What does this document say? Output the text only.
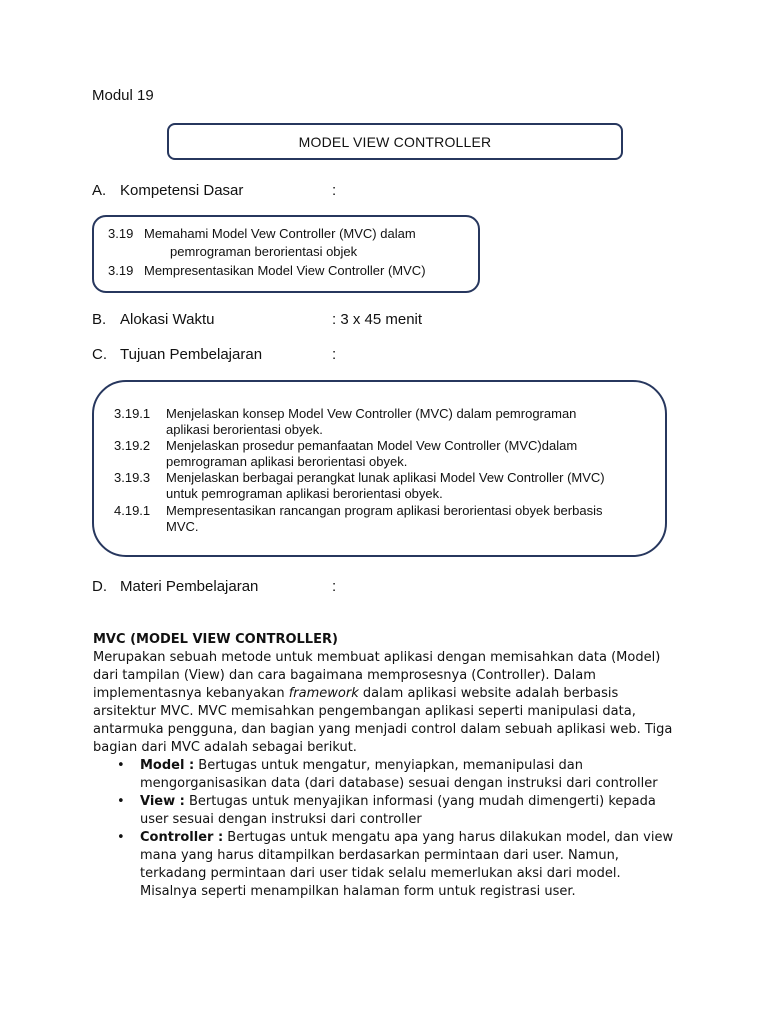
Modul 19
MODEL VIEW CONTROLLER
A. Kompetensi Dasar	:
3.19 Memahami Model Vew Controller (MVC) dalam
pemrograman berorientasi objek
3.19 Mempresentasikan Model View Controller (MVC)
B. Alokasi Waktu	: 3 x 45 menit
C. Tujuan Pembelajaran	:
3.19.1 Menjelaskan konsep Model Vew Controller (MVC) dalam pemrograman
aplikasi berorientasi obyek.
3.19.2 Menjelaskan prosedur pemanfaatan Model Vew Controller (MVC)dalam
pemrograman aplikasi berorientasi obyek.
3.19.3 Menjelaskan berbagai perangkat lunak aplikasi Model Vew Controller (MVC)
untuk pemrograman aplikasi berorientasi obyek.
4.19.1 Mempresentasikan rancangan program aplikasi berorientasi obyek berbasis
MVC.
D. Materi Pembelajaran	:
MVC (MODEL VIEW CONTROLLER)
Merupakan sebuah metode untuk membuat aplikasi dengan memisahkan data (Model) dari tampilan (View) dan cara bagaimana memprosesnya (Controller). Dalam implementasnya kebanyakan framework dalam aplikasi website adalah berbasis arsitektur MVC. MVC memisahkan pengembangan aplikasi seperti manipulasi data, antarmuka pengguna, dan bagian yang menjadi control dalam sebuah aplikasi web. Tiga bagian dari MVC adalah sebagai berikut.
• Model : Bertugas untuk mengatur, menyiapkan, memanipulasi dan mengorganisasikan data (dari database) sesuai dengan instruksi dari controller
• View : Bertugas untuk menyajikan informasi (yang mudah dimengerti) kepada user sesuai dengan instruksi dari controller
• Controller : Bertugas untuk mengatu apa yang harus dilakukan model, dan view mana yang harus ditampilkan berdasarkan permintaan dari user. Namun, terkadang permintaan dari user tidak selalu memerlukan aksi dari model. Misalnya seperti menampilkan halaman form untuk registrasi user.
